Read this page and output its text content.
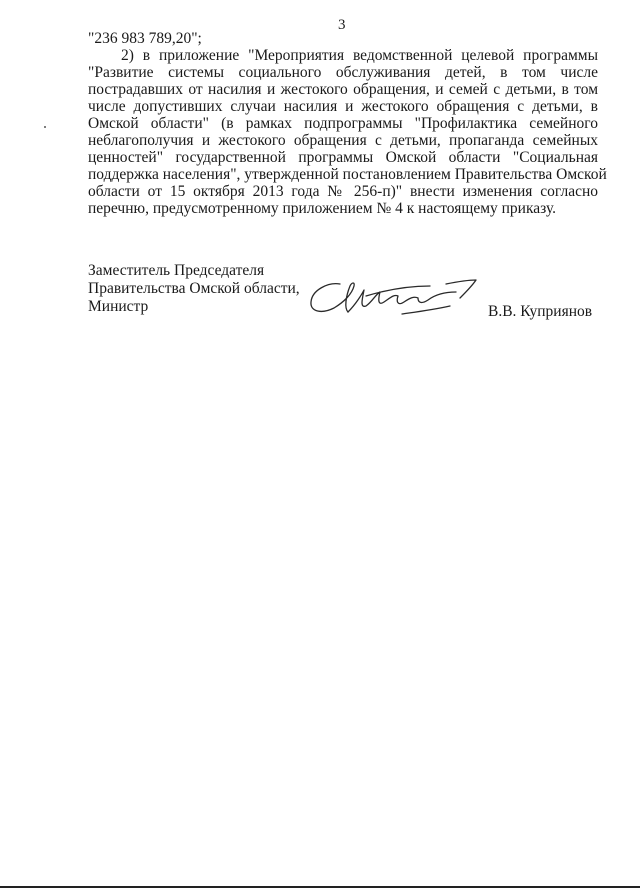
3
"236 983 789,20";
2) в приложение "Мероприятия ведомственной целевой программы
"Развитие системы социального обслуживания детей, в том числе
пострадавших от насилия и жестокого обращения, и семей с детьми, в том
числе допустивших случаи насилия и жестокого обращения с детьми, в
Омской области" (в рамках подпрограммы "Профилактика семейного
неблагополучия и жестокого обращения с детьми, пропаганда семейных
ценностей" государственной программы Омской области "Социальная
поддержка населения", утвержденной постановлением Правительства Омской
области от 15 октября 2013 года № 256-п)" внести изменения согласно
перечню, предусмотренному приложением № 4 к настоящему приказу.
Заместитель Председателя
Правительства Омской области,
Министр	В.В. Куприянов
